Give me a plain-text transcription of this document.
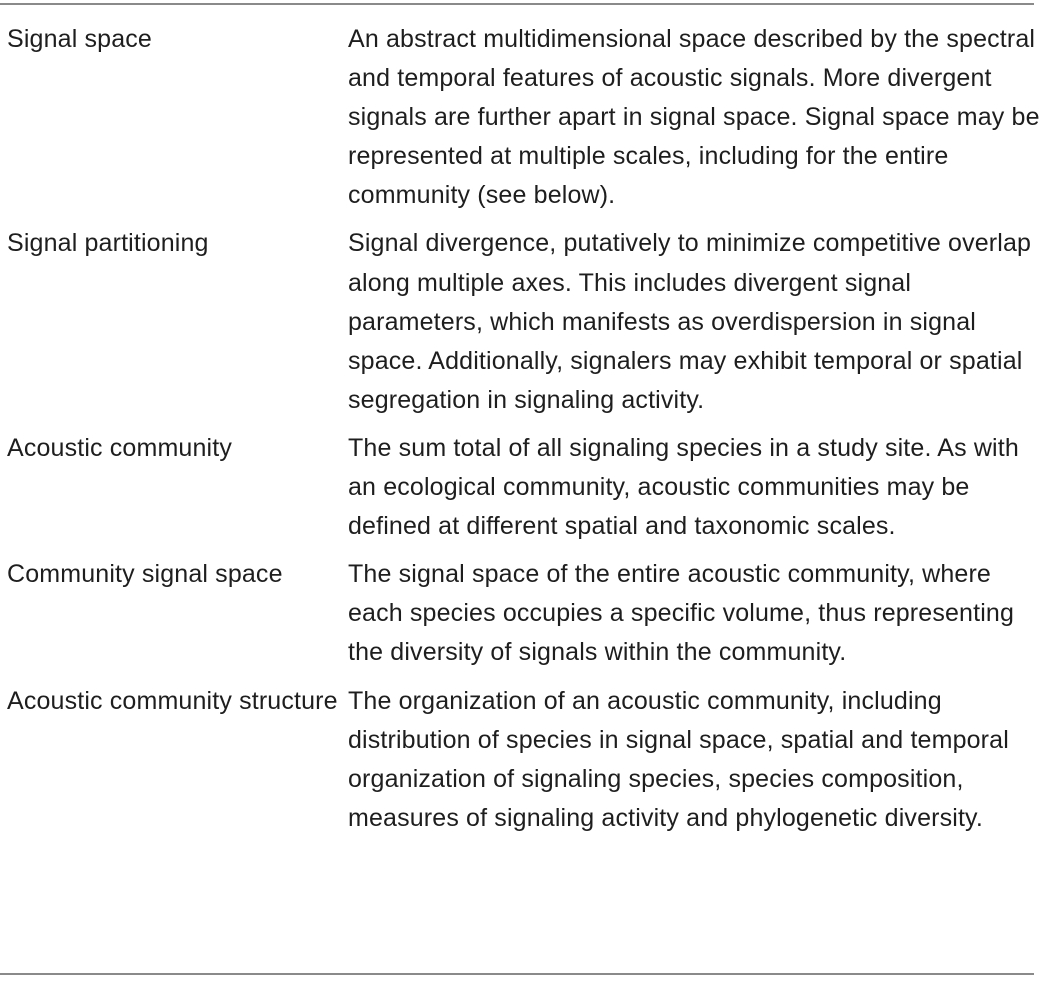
Signal space	An abstract multidimensional space described by the spectral and temporal features of acoustic signals. More divergent signals are further apart in signal space. Signal space may be represented at multiple scales, including for the entire community (see below).
Signal partitioning	Signal divergence, putatively to minimize competitive overlap along multiple axes. This includes divergent signal parameters, which manifests as overdispersion in signal space. Additionally, signalers may exhibit temporal or spatial segregation in signaling activity.
Acoustic community	The sum total of all signaling species in a study site. As with an ecological community, acoustic communities may be defined at different spatial and taxonomic scales.
Community signal space	The signal space of the entire acoustic community, where each species occupies a specific volume, thus representing the diversity of signals within the community.
Acoustic community structure	The organization of an acoustic community, including distribution of species in signal space, spatial and temporal organization of signaling species, species composition, measures of signaling activity and phylogenetic diversity.
